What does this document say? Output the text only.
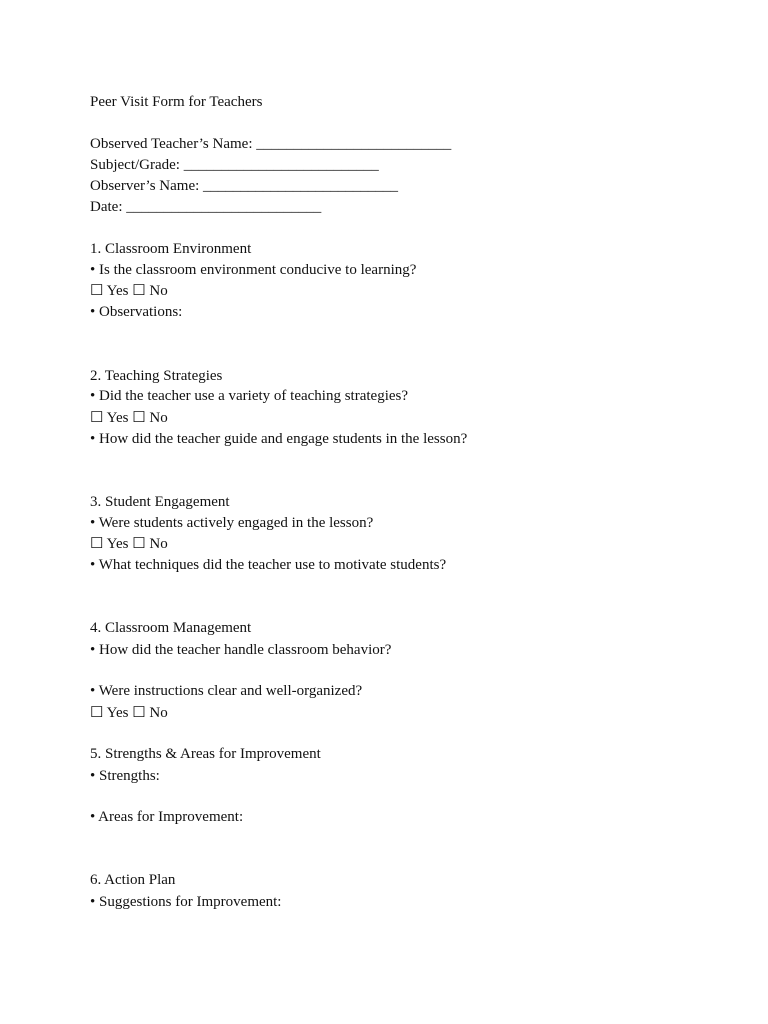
Peer Visit Form for Teachers
Observed Teacher’s Name: __________________________
Subject/Grade: __________________________
Observer’s Name: __________________________
Date: __________________________
1. Classroom Environment
• Is the classroom environment conducive to learning?
☐ Yes ☐ No
• Observations:
2. Teaching Strategies
• Did the teacher use a variety of teaching strategies?
☐ Yes ☐ No
• How did the teacher guide and engage students in the lesson?
3. Student Engagement
• Were students actively engaged in the lesson?
☐ Yes ☐ No
• What techniques did the teacher use to motivate students?
4. Classroom Management
• How did the teacher handle classroom behavior?
• Were instructions clear and well-organized?
☐ Yes ☐ No
5. Strengths & Areas for Improvement
• Strengths:
• Areas for Improvement:
6. Action Plan
• Suggestions for Improvement:
